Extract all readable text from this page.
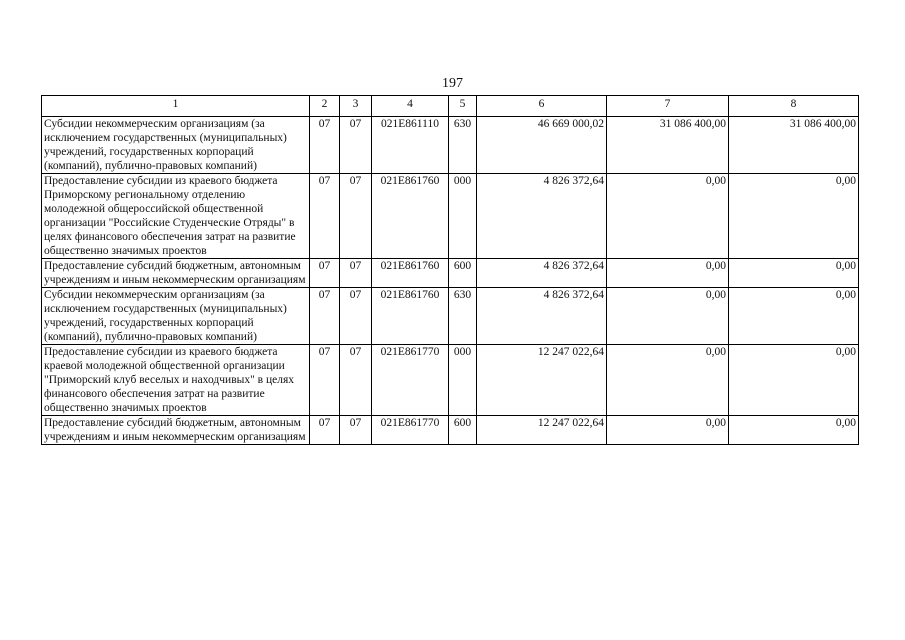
197
1	2	3	4	5	6	7	8
Субсидии некоммерческим организациям (за исключением государственных (муниципальных) учреждений, государственных корпораций (компаний), публично-правовых компаний)	07	07	021E861110	630	46 669 000,02	31 086 400,00	31 086 400,00
Предоставление субсидии из краевого бюджета Приморскому региональному отделению молодежной общероссийской общественной организации "Российские Студенческие Отряды" в целях финансового обеспечения затрат на развитие общественно значимых проектов	07	07	021E861760	000	4 826 372,64	0,00	0,00
Предоставление субсидий бюджетным, автономным учреждениям и иным некоммерческим организациям	07	07	021E861760	600	4 826 372,64	0,00	0,00
Субсидии некоммерческим организациям (за исключением государственных (муниципальных) учреждений, государственных корпораций (компаний), публично-правовых компаний)	07	07	021E861760	630	4 826 372,64	0,00	0,00
Предоставление субсидии из краевого бюджета краевой молодежной общественной организации "Приморский клуб веселых и находчивых" в целях финансового обеспечения затрат на развитие общественно значимых проектов	07	07	021E861770	000	12 247 022,64	0,00	0,00
Предоставление субсидий бюджетным, автономным учреждениям и иным некоммерческим организациям	07	07	021E861770	600	12 247 022,64	0,00	0,00
